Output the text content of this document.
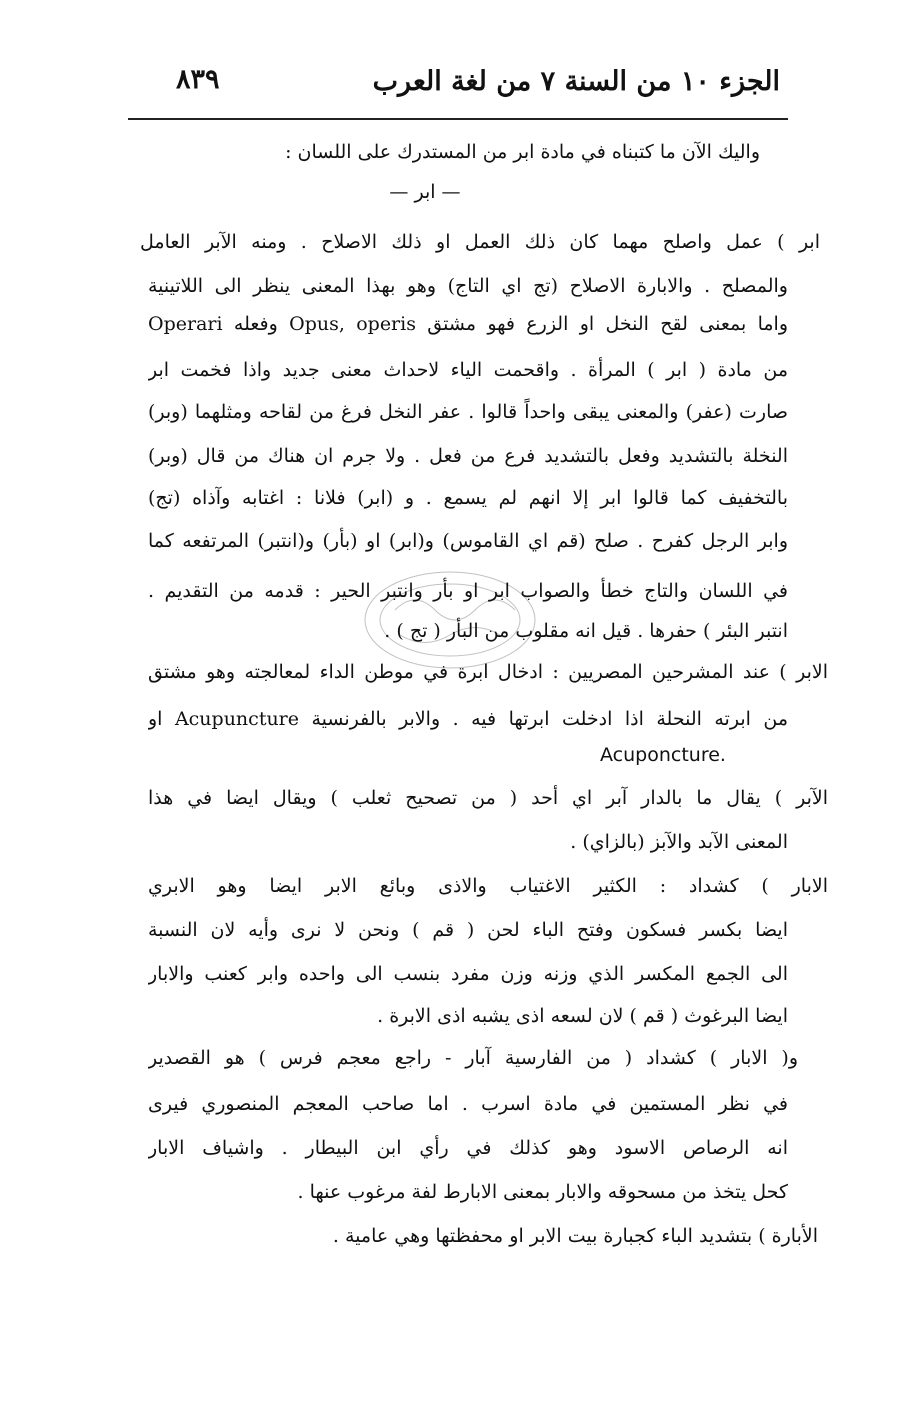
الجزء ١٠ من السنة ٧ من لغة العرب
٨٣٩
واليك الآن ما كتبناه في مادة ابر من المستدرك على اللسان :
— ابر —
ابر ) عمل واصلح مهما كان ذلك العمل او ذلك الاصلاح . ومنه الآبر العامل
والمصلح . والابارة الاصلاح (تج اي التاج) وهو بهذا المعنى ينظر الى اللاتينية
Operari وفعله Opus, operis واما بمعنى لقح النخل او الزرع فهو مشتق
من مادة ( ابر ) المرأة . واقحمت الياء لاحداث معنى جديد واذا فخمت ابر
صارت (عفر) والمعنى يبقى واحداً قالوا . عفر النخل فرغ من لقاحه ومثلهما (وبر)
النخلة بالتشديد وفعل بالتشديد فرع من فعل . ولا جرم ان هناك من قال (وبر)
بالتخفيف كما قالوا ابر إلا انهم لم يسمع . و (ابر) فلانا : اغتابه وآذاه (تج)
وابر الرجل كفرح . صلح (قم اي القاموس) و(ابر) او (بأر) و(انتبر) المرتفعه كما
في اللسان والتاج خطأً والصواب ابر او بأر وانتبر الحير : قدمه من التقديم .
انتبر البئر ) حفرها . قيل انه مقلوب من البأر ( تج ) .
الابر ) عند المشرحين المصريين : ادخال ابرة في موطن الداء لمعالجته وهو مشتق
من ابرته النحلة اذا ادخلت ابرتها فيه . والابر بالفرنسية Acupuncture او
Acuponcture.
الآبر ) يقال ما بالدار آبر اي أحد ( من تصحيح ثعلب ) ويقال ايضا في هذا
المعنى الآبد والآبز (بالزاي) .
الابار ) كشداد : الكثير الاغتياب والاذى وبائع الابر ايضا وهو الابري
ايضا بكسر فسكون وفتح الباء لحن ( قم ) ونحن لا نرى وأيه لان النسبة
الى الجمع المكسر الذي وزنه وزن مفرد بنسب الى واحده وابر كعنب والابار
ايضا البرغوث ( قم ) لان لسعه اذى يشبه اذى الابرة .
و( الابار ) كشداد ( من الفارسية آبار - راجع معجم فرس ) هو القصدير
في نظر المستمين في مادة اسرب . اما صاحب المعجم المنصوري فيرى
انه الرصاص الاسود وهو كذلك في رأي ابن البيطار . واشياف الابار
كحل يتخذ من مسحوقه والابار بمعنى الابارط لفة مرغوب عنها .
الأبارة ) بتشديد الباء كجبارة بيت الابر او محفظتها وهي عامية .
